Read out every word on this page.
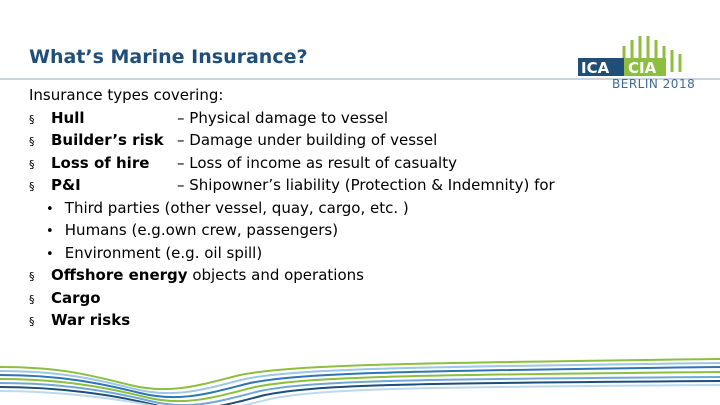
What’s Marine Insurance?	ICA CIA
BERLIN 2018
Insurance types covering:
§ Hull	– Physical damage to vessel
§ Builder’s risk – Damage under building of vessel
§ Loss of hire – Loss of income as result of casualty
§ P&I	– Shipowner’s liability (Protection & Indemnity) for
• Third parties (other vessel, quay, cargo, etc. )
• Humans (e.g.own crew, passengers)
• Environment (e.g. oil spill)
§ Offshore energy objects and operations
§ Cargo
§ War risks
